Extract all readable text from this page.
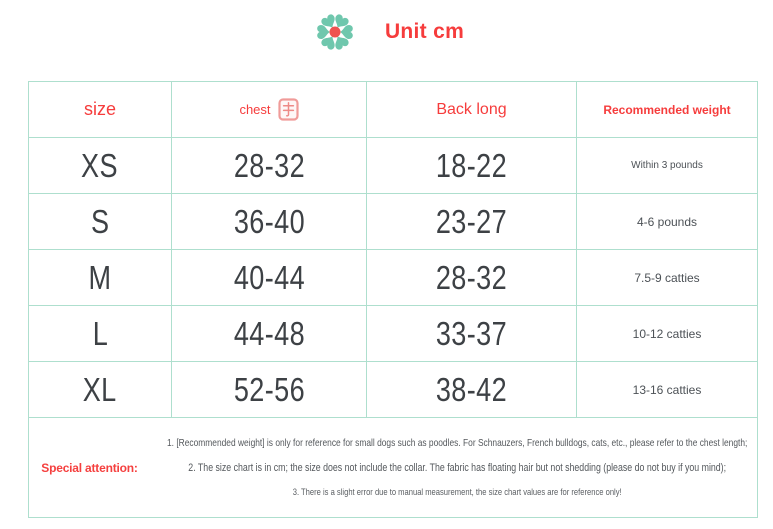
Unit cm
size	chest	Back long	Recommended weight
XS	28-32	18-22	Within 3 pounds
S	36-40	23-27	4-6 pounds
M	40-44	28-32	7.5-9 catties
L	44-48	33-37	10-12 catties
XL	52-56	38-42	13-16 catties

Special attention:

1. [Recommended weight] is only for reference for small dogs such as poodles. For Schnauzers, French bulldogs, cats, etc., please refer to the chest length;

2. The size chart is in cm; the size does not include the collar. The fabric has floating hair but not shedding (please do not buy if you mind);

3. There is a slight error due to manual measurement, the size chart values are for reference only!			
